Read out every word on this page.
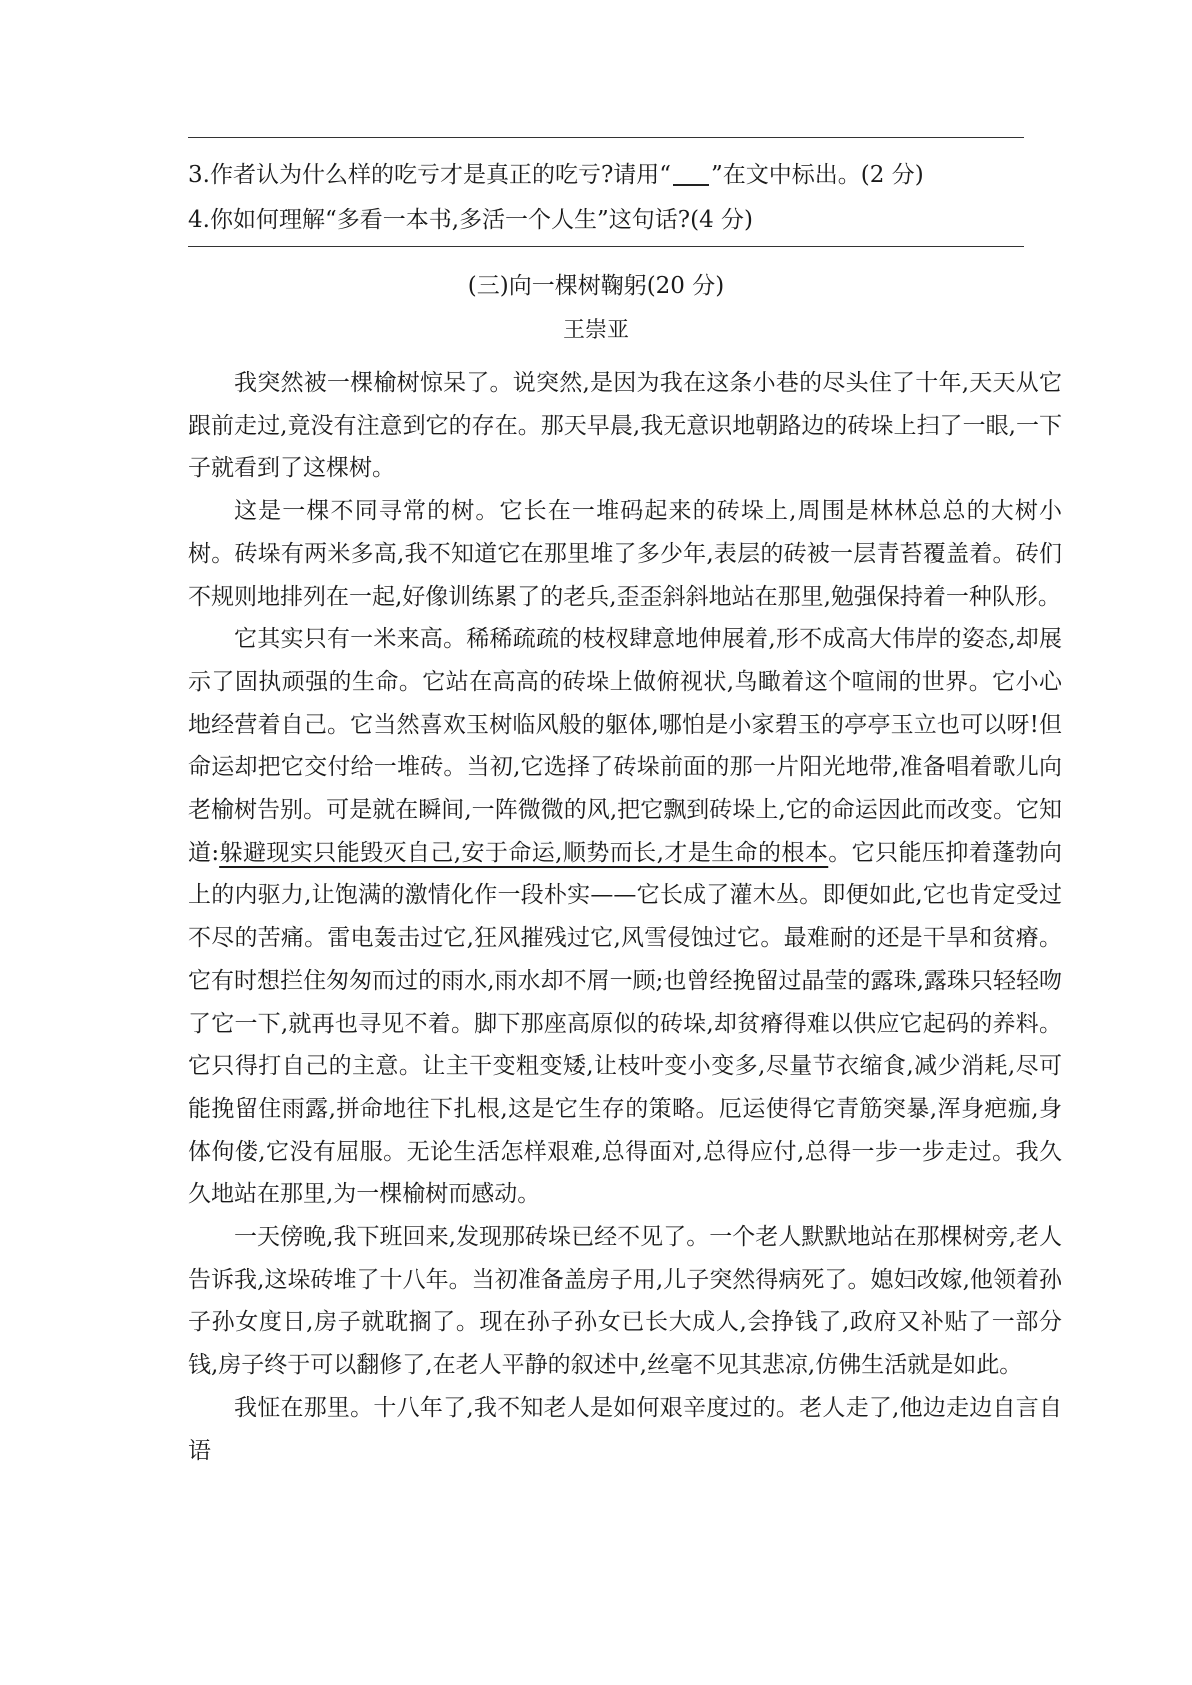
3.作者认为什么样的吃亏才是真正的吃亏?请用“ ”在文中标出。(2 分)
4.你如何理解“多看一本书,多活一个人生”这句话?(4 分)
(三)向一棵树鞠躬(20 分)
王崇亚

我突然被一棵榆树惊呆了。说突然,是因为我在这条小巷的尽头住了十年,天天从它跟前走过,竟没有注意到它的存在。那天早晨,我无意识地朝路边的砖垛上扫了一眼,一下子就看到了这棵树。

这是一棵不同寻常的树。它长在一堆码起来的砖垛上,周围是林林总总的大树小树。砖垛有两米多高,我不知道它在那里堆了多少年,表层的砖被一层青苔覆盖着。砖们不规则地排列在一起,好像训练累了的老兵,歪歪斜斜地站在那里,勉强保持着一种队形。

它其实只有一米来高。稀稀疏疏的枝杈肆意地伸展着,形不成高大伟岸的姿态,却展示了固执顽强的生命。它站在高高的砖垛上做俯视状,鸟瞰着这个喧闹的世界。它小心地经营着自己。它当然喜欢玉树临风般的躯体,哪怕是小家碧玉的亭亭玉立也可以呀!但命运却把它交付给一堆砖。当初,它选择了砖垛前面的那一片阳光地带,准备唱着歌儿向老榆树告别。可是就在瞬间,一阵微微的风,把它飘到砖垛上,它的命运因此而改变。它知道:躲避现实只能毁灭自己,安于命运,顺势而长,才是生命的根本。它只能压抑着蓬勃向上的内驱力,让饱满的激情化作一段朴实——它长成了灌木丛。即便如此,它也肯定受过不尽的苦痛。雷电轰击过它,狂风摧残过它,风雪侵蚀过它。最难耐的还是干旱和贫瘠。它有时想拦住匆匆而过的雨水,雨水却不屑一顾;也曾经挽留过晶莹的露珠,露珠只轻轻吻了它一下,就再也寻见不着。脚下那座高原似的砖垛,却贫瘠得难以供应它起码的养料。它只得打自己的主意。让主干变粗变矮,让枝叶变小变多,尽量节衣缩食,减少消耗,尽可能挽留住雨露,拼命地往下扎根,这是它生存的策略。厄运使得它青筋突暴,浑身疤痂,身体佝偻,它没有屈服。无论生活怎样艰难,总得面对,总得应付,总得一步一步走过。我久久地站在那里,为一棵榆树而感动。

一天傍晚,我下班回来,发现那砖垛已经不见了。一个老人默默地站在那棵树旁,老人告诉我,这垛砖堆了十八年。当初准备盖房子用,儿子突然得病死了。媳妇改嫁,他领着孙子孙女度日,房子就耽搁了。现在孙子孙女已长大成人,会挣钱了,政府又补贴了一部分钱,房子终于可以翻修了,在老人平静的叙述中,丝毫不见其悲凉,仿佛生活就是如此。

我怔在那里。十八年了,我不知老人是如何艰辛度过的。老人走了,他边走边自言自语
